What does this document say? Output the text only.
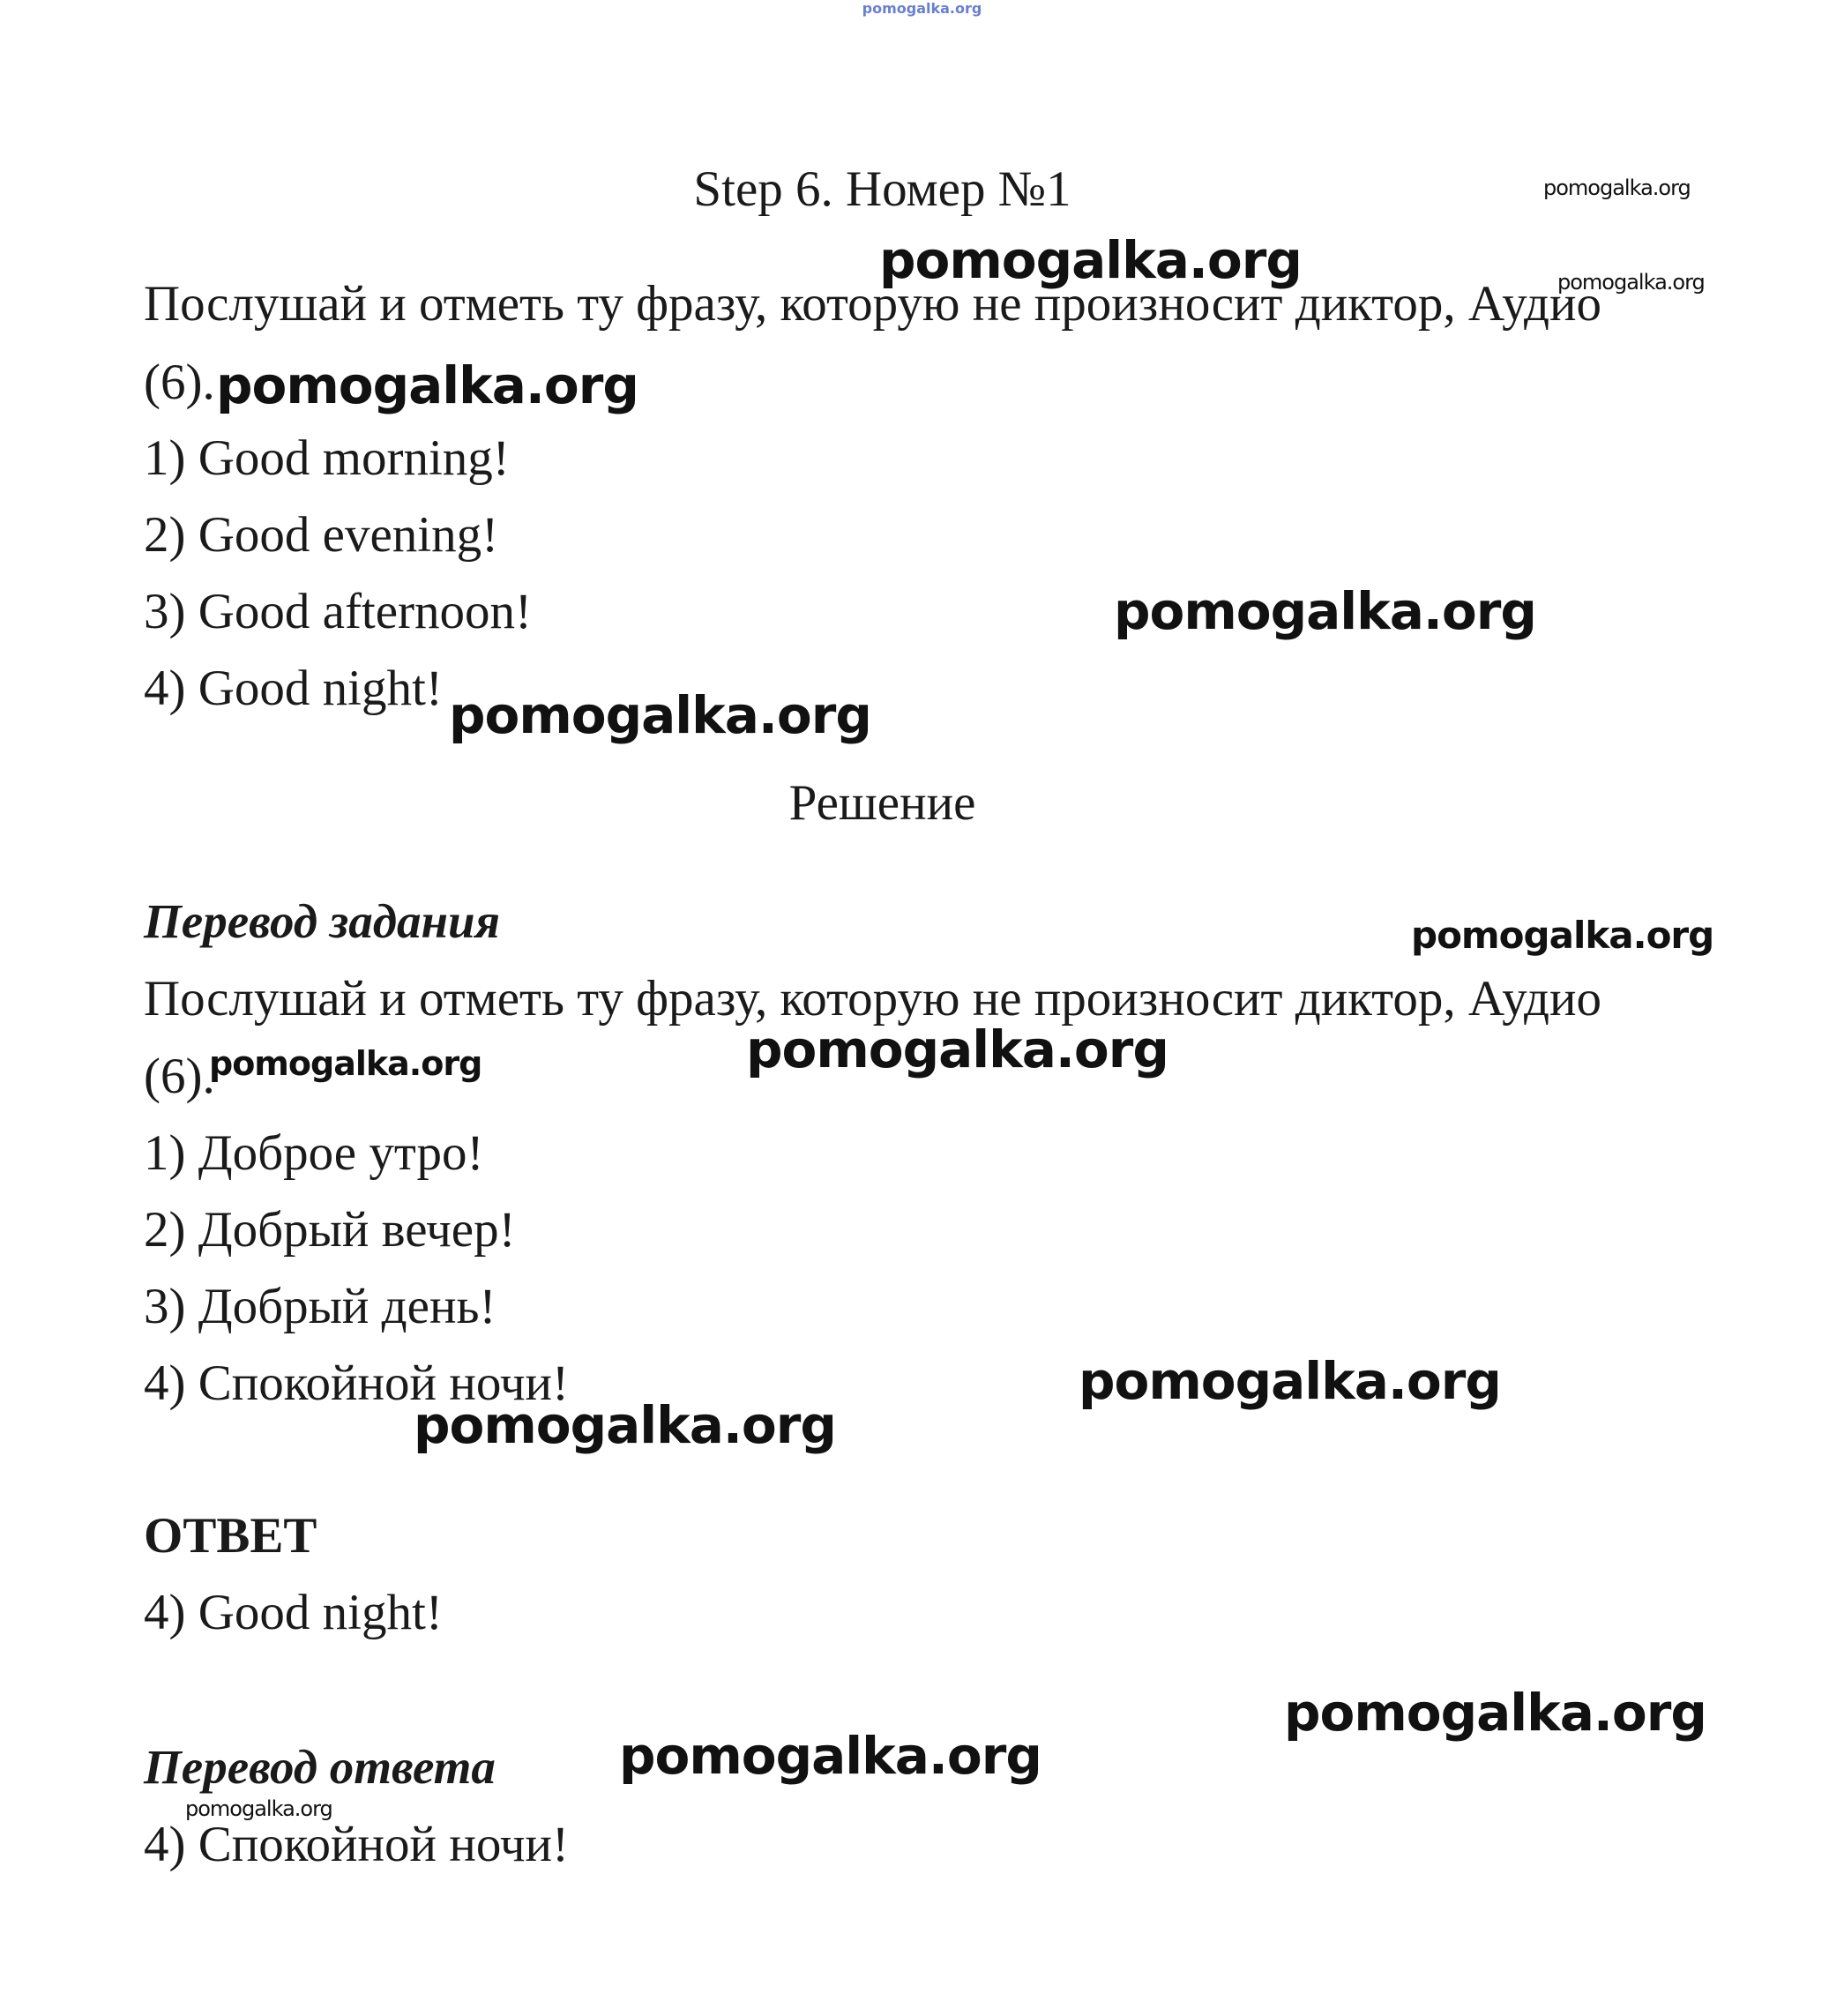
pomogalka.org
Step 6. Номер №1
Послушай и отметь ту фразу, которую не произносит диктор, Аудио
(6).
1) Good morning!
2) Good evening!
3) Good afternoon!
4) Good night!
Решение
Перевод задания
Послушай и отметь ту фразу, которую не произносит диктор, Аудио
(6).
1) Доброе утро!
2) Добрый вечер!
3) Добрый день!
4) Спокойной ночи!
ОТВЕТ
4) Good night!
Перевод ответа
4) Спокойной ночи!
pomogalka.org
pomogalka.org	pomogalka.org
pomogalka.org
pomogalka.org
pomogalka.org
pomogalka.org
pomogalka.org
pomogalka.org
pomogalka.org
pomogalka.org
pomogalka.org
pomogalka.org
pomogalka.org
